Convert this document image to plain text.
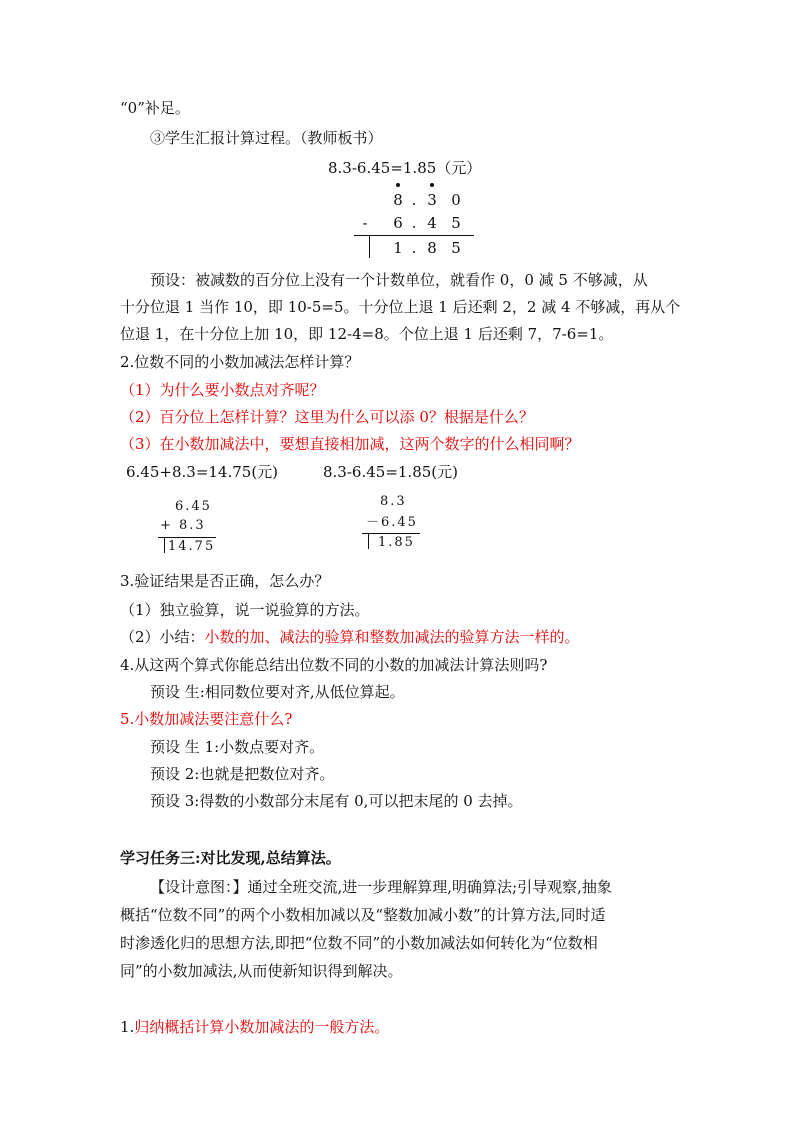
“0”补足。
③学生汇报计算过程。（教师板书）
8.3-6.45=1.85（元）
8 . 3 0
-	6 . 4 5
1 . 8 5
预设：被减数的百分位上没有一个计数单位，就看作 0，0 减 5 不够减，从
十分位退 1 当作 10，即 10-5=5。十分位上退 1 后还剩 2，2 减 4 不够减，再从个
位退 1，在十分位上加 10，即 12-4=8。个位上退 1 后还剩 7，7-6=1。
2.位数不同的小数加减法怎样计算？
（1）为什么要小数点对齐呢？
（2）百分位上怎样计算？这里为什么可以添 0？根据是什么？
（3）在小数加减法中，要想直接相加减，这两个数字的什么相同啊？
6.45+8.3=14.75(元)	8.3-6.45=1.85(元)
6.45
+ 8.3
14.75
8.3
－6.45
1.85
3.验证结果是否正确，怎么办？
（1）独立验算，说一说验算的方法。
（2）小结：小数的加、减法的验算和整数加减法的验算方法一样的。
4.从这两个算式你能总结出位数不同的小数的加减法计算法则吗?
预设 生:相同数位要对齐,从低位算起。
5.小数加减法要注意什么?
预设 生 1:小数点要对齐。
预设 2:也就是把数位对齐。
预设 3:得数的小数部分末尾有 0,可以把末尾的 0 去掉。
学习任务三:对比发现,总结算法。
【设计意图：】通过全班交流,进一步理解算理,明确算法;引导观察,抽象
概括“位数不同”的两个小数相加减以及“整数加减小数”的计算方法,同时适
时渗透化归的思想方法,即把“位数不同”的小数加减法如何转化为“位数相
同”的小数加减法,从而使新知识得到解决。
1.归纳概括计算小数加减法的一般方法。
